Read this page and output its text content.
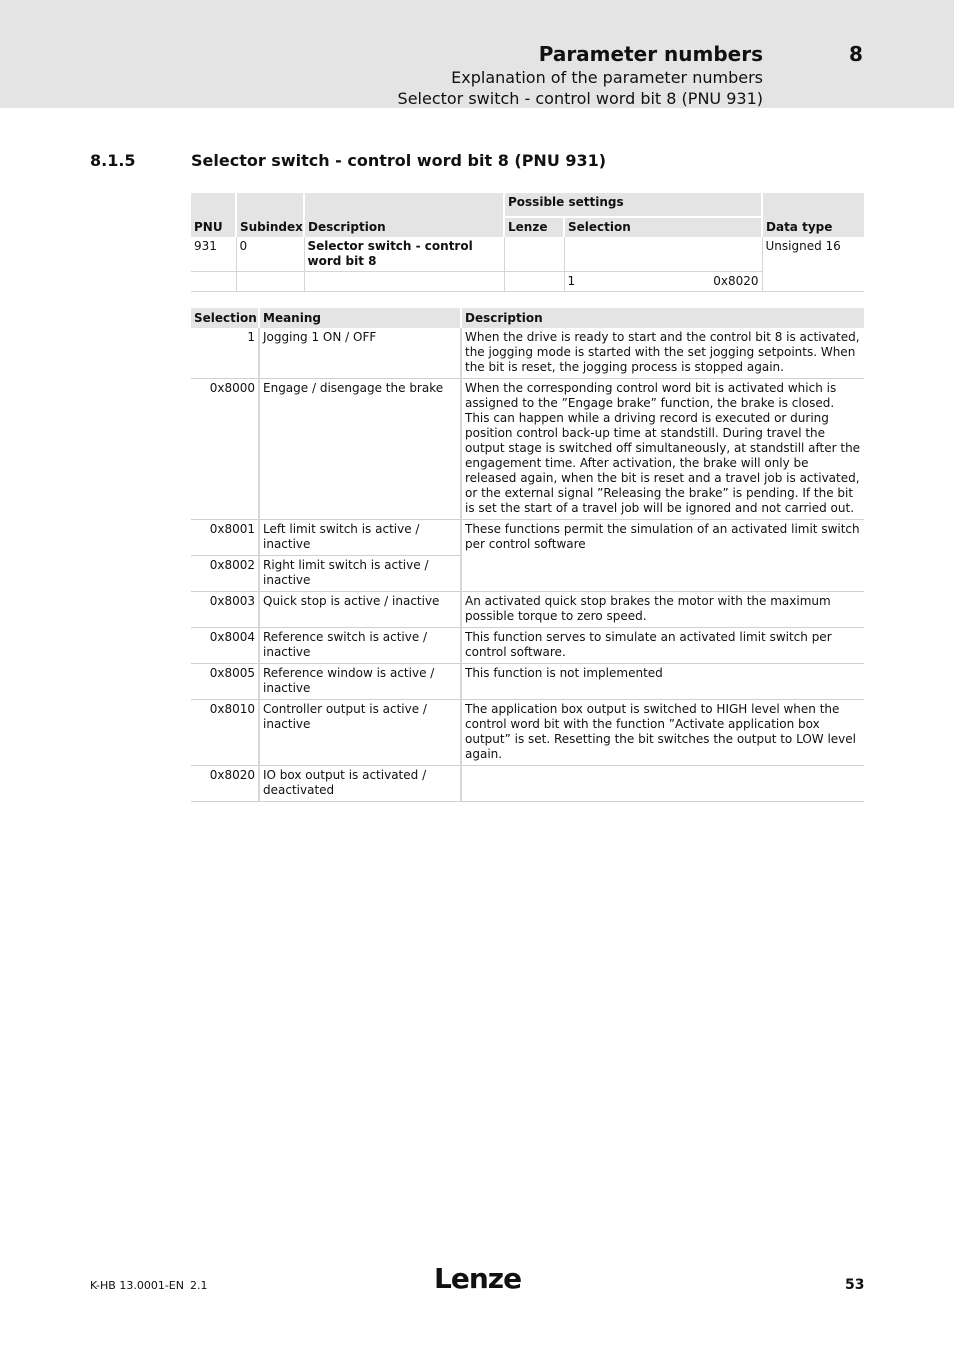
Parameter numbers	8
Explanation of the parameter numbers
Selector switch - control word bit 8 (PNU 931)
8.1.5	Selector switch - control word bit 8 (PNU 931)
PNU	Subindex	Description	Possible settings		Data type
			Lenze	Selection	
931	0	Selector switch - control word bit 8			Unsigned 16

				1 0x8020	
Selection	Meaning	Description
1	Jogging 1 ON / OFF	When the drive is ready to start and the control bit 8 is activated, the jogging mode is started with the set jogging setpoints. When the bit is reset, the jogging process is stopped again.
0x8000	Engage / disengage the brake	When the corresponding control word bit is activated which is assigned to the ”Engage brake” function, the brake is closed. This can happen while a driving record is executed or during position control back-up time at standstill. During travel the output stage is switched off simultaneously, at standstill after the engagement time. After activation, the brake will only be released again, when the bit is reset and a travel job is activated, or the external signal ”Releasing the brake” is pending. If the bit is set the start of a travel job will be ignored and not carried out.
0x8001	Left limit switch is active / inactive	These functions permit the simulation of an activated limit switch per control software
0x8002	Right limit switch is active / inactive	
0x8003	Quick stop is active / inactive	An activated quick stop brakes the motor with the maximum possible torque to zero speed.
0x8004	Reference switch is active / inactive	This function serves to simulate an activated limit switch per control software.
0x8005	Reference window is active / inactive	This function is not implemented
0x8010	Controller output is active / inactive	The application box output is switched to HIGH level when the control word bit with the function ”Activate application box output” is set. Resetting the bit switches the output to LOW level again.
0x8020	IO box output is activated / deactivated	
K-HB 13.0001-EN 2.1	Lenze	53
